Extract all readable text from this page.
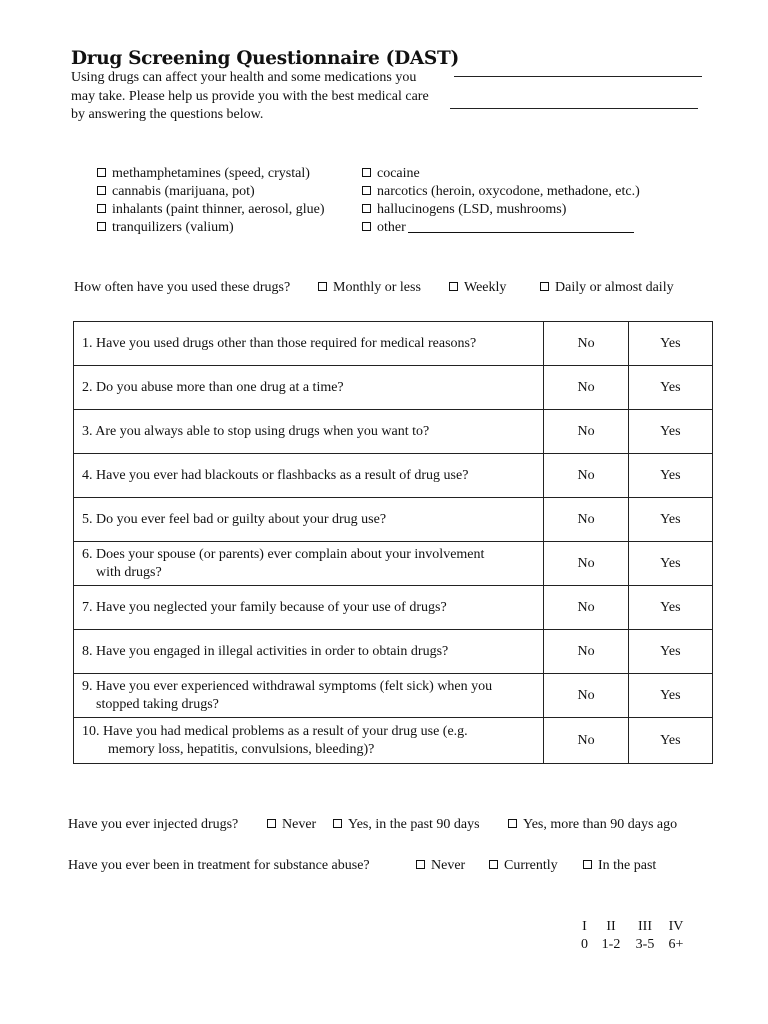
Drug Screening Questionnaire (DAST)
Using drugs can affect your health and some medications you may take. Please help us provide you with the best medical care by answering the questions below.
methamphetamines (speed, crystal)
cannabis (marijuana, pot)
inhalants (paint thinner, aerosol, glue)
tranquilizers (valium)
cocaine
narcotics (heroin, oxycodone, methadone, etc.)
hallucinogens (LSD, mushrooms)
other
How often have you used these drugs?	Monthly or less	Weekly	Daily or almost daily
1. Have you used drugs other than those required for medical reasons?	No	Yes
2. Do you abuse more than one drug at a time?	No	Yes
3. Are you always able to stop using drugs when you want to?	No	Yes
4. Have you ever had blackouts or flashbacks as a result of drug use?	No	Yes
5. Do you ever feel bad or guilty about your drug use?	No	Yes
6. Does your spouse (or parents) ever complain about your involvement
with drugs?	No	Yes
7. Have you neglected your family because of your use of drugs?	No	Yes
8. Have you engaged in illegal activities in order to obtain drugs?	No	Yes
9. Have you ever experienced withdrawal symptoms (felt sick) when you
stopped taking drugs?	No	Yes
10. Have you had medical problems as a result of your drug use (e.g.
memory loss, hepatitis, convulsions, bleeding)?	No	Yes
Have you ever injected drugs?	Never	Yes, in the past 90 days	Yes, more than 90 days ago
Have you ever been in treatment for substance abuse?	Never	Currently	In the past
I II III IV
0 1-2 3-5 6+
